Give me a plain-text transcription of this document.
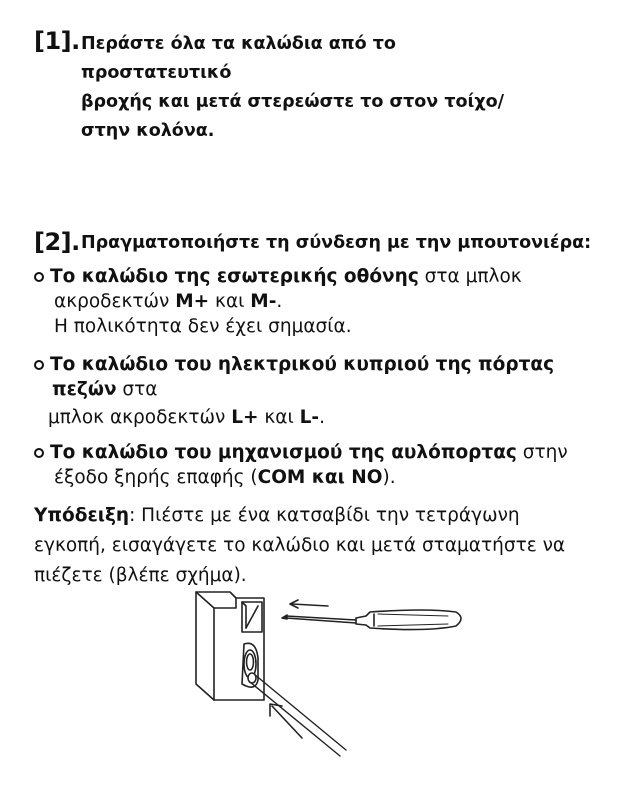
[1]. Περάστε όλα τα καλώδια από το
προστατευτικό
βροχής και μετά στερεώστε το στον τοίχο/
στην κολόνα.
[2]. Πραγματοποιήστε τη σύνδεση με την μπουτονιέρα:
Το καλώδιο της εσωτερικής οθόνης στα μπλοκ
ακροδεκτών M+ και M-.
Η πολικότητα δεν έχει σημασία.
Το καλώδιο του ηλεκτρικού κυπριού της πόρτας
πεζών στα
μπλοκ ακροδεκτών L+ και L-.
Το καλώδιο του μηχανισμού της αυλόπορτας στην
έξοδο ξηρής επαφής (COM και NO).
Υπόδειξη: Πιέστε με ένα κατσαβίδι την τετράγωνη
εγκοπή, εισαγάγετε το καλώδιο και μετά σταματήστε να
πιέζετε (βλέπε σχήμα).
